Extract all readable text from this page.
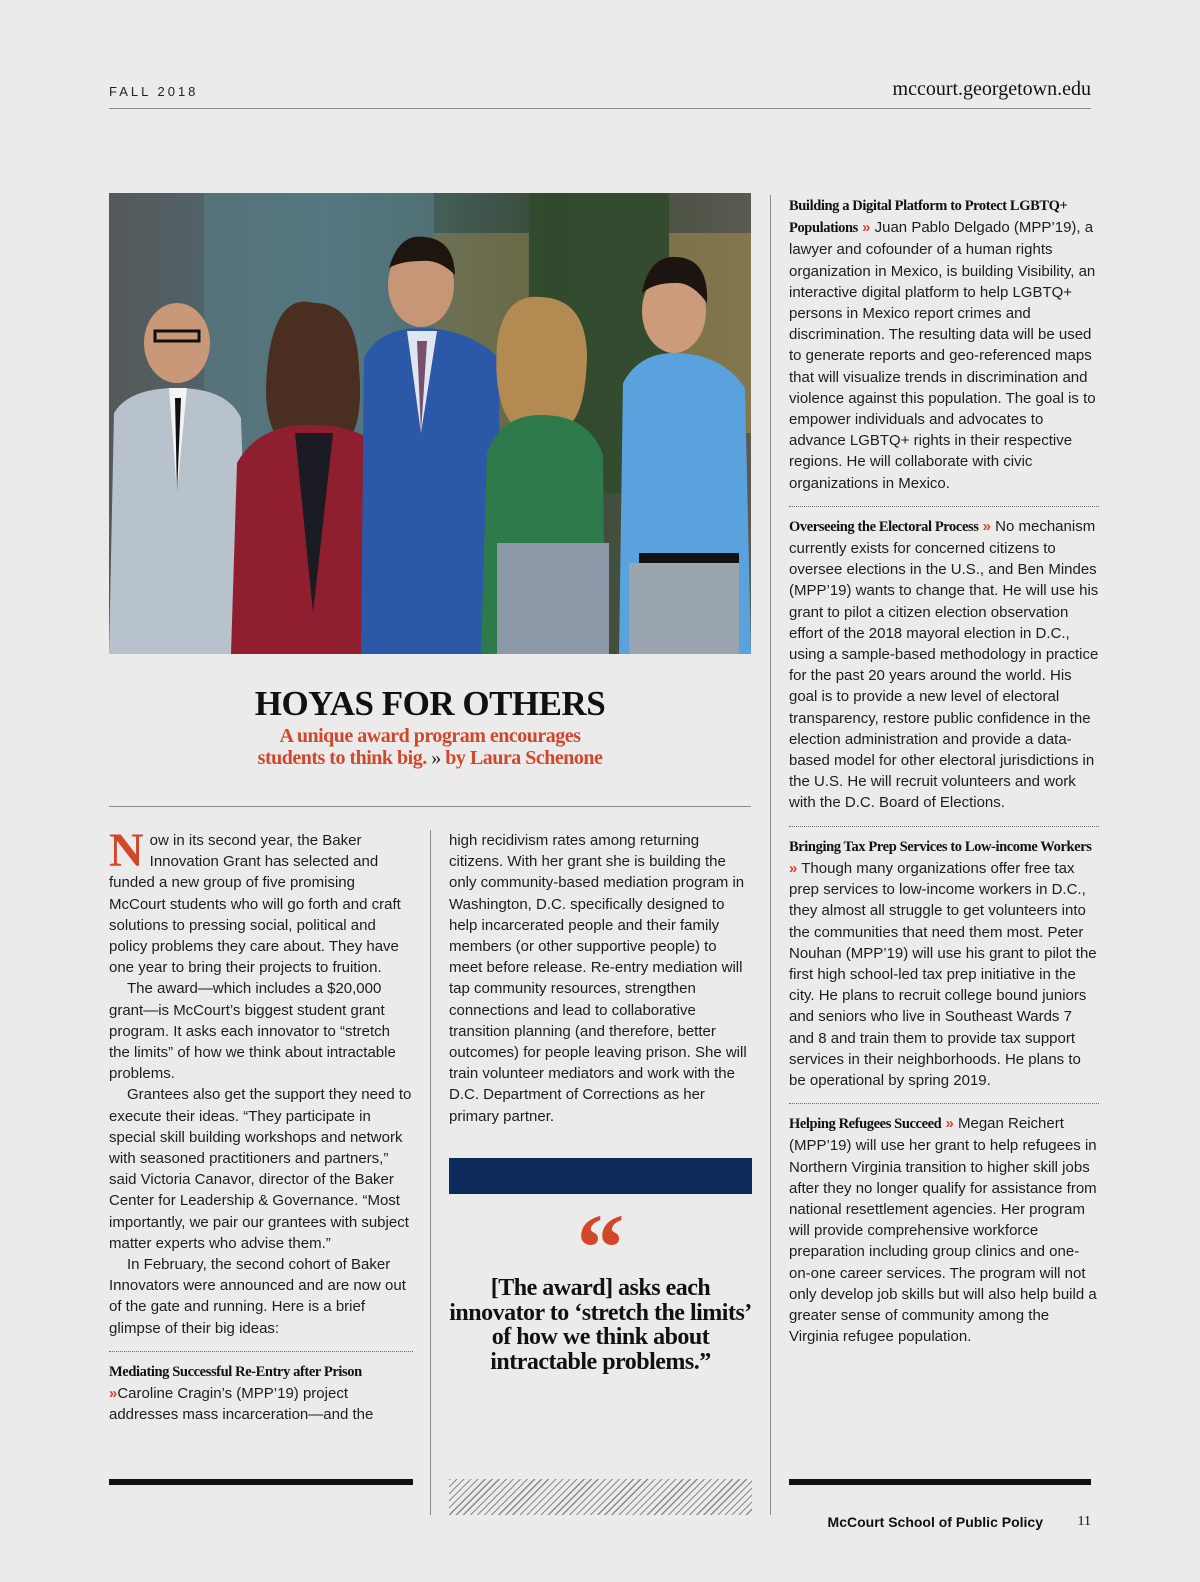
FALL 2018	mccourt.georgetown.edu
HOYAS FOR OTHERS
A unique award program encourages
students to think big. » by Laura Schenone

Now in its second year, the Baker Innovation Grant has selected and funded a new group of five promising McCourt students who will go forth and craft solutions to pressing social, political and policy problems they care about. They have one year to bring their projects to fruition.

The award—which includes a $20,000 grant—is McCourt’s biggest student grant program. It asks each innovator to “stretch the limits” of how we think about intractable problems.

Grantees also get the support they need to execute their ideas. “They participate in special skill building workshops and network with seasoned practitioners and partners,” said Victoria Canavor, director of the Baker Center for Leadership & Governance. “Most importantly, we pair our grantees with subject matter experts who advise them.”

In February, the second cohort of Baker Innovators were announced and are now out of the gate and running. Here is a brief glimpse of their big ideas:

Mediating Successful Re-Entry after Prison
»Caroline Cragin’s (MPP’19) project addresses mass incarceration—and the

high recidivism rates among returning citizens. With her grant she is building the only community-based mediation program in Washington, D.C. specifically designed to help incarcerated people and their family members (or other supportive people) to meet before release. Re-entry mediation will tap community resources, strengthen connections and lead to collaborative transition planning (and therefore, better outcomes) for people leaving prison. She will train volunteer mediators and work with the D.C. Department of Corrections as her primary partner.

“
[The award] asks each innovator to ‘stretch the limits’ of how we think about intractable problems.”
Building a Digital Platform to Protect LGBTQ+ Populations » Juan Pablo Delgado (MPP’19), a lawyer and cofounder of a human rights organization in Mexico, is building Visibility, an interactive digital platform to help LGBTQ+ persons in Mexico report crimes and discrimination. The resulting data will be used to generate reports and geo-referenced maps that will visualize trends in discrimination and violence against this population. The goal is to empower individuals and advocates to advance LGBTQ+ rights in their respective regions. He will collaborate with civic organizations in Mexico.
Overseeing the Electoral Process » No mechanism currently exists for concerned citizens to oversee elections in the U.S., and Ben Mindes (MPP’19) wants to change that. He will use his grant to pilot a citizen election observation effort of the 2018 mayoral election in D.C., using a sample-based methodology in practice for the past 20 years around the world. His goal is to provide a new level of electoral transparency, restore public confidence in the election administration and provide a data-based model for other electoral jurisdictions in the U.S. He will recruit volunteers and work with the D.C. Board of Elections.
Bringing Tax Prep Services to Low-income Workers » Though many organizations offer free tax prep services to low-income workers in D.C., they almost all struggle to get volunteers into the communities that need them most. Peter Nouhan (MPP’19) will use his grant to pilot the first high school-led tax prep initiative in the city. He plans to recruit college bound juniors and seniors who live in Southeast Wards 7 and 8 and train them to provide tax support services in their neighborhoods. He plans to be operational by spring 2019.
Helping Refugees Succeed » Megan Reichert (MPP’19) will use her grant to help refugees in Northern Virginia transition to higher skill jobs after they no longer qualify for assistance from national resettlement agencies. Her program will provide comprehensive workforce preparation including group clinics and one-on-one career services. The program will not only develop job skills but will also help build a greater sense of community among the Virginia refugee population.
McCourt School of Public Policy 11
